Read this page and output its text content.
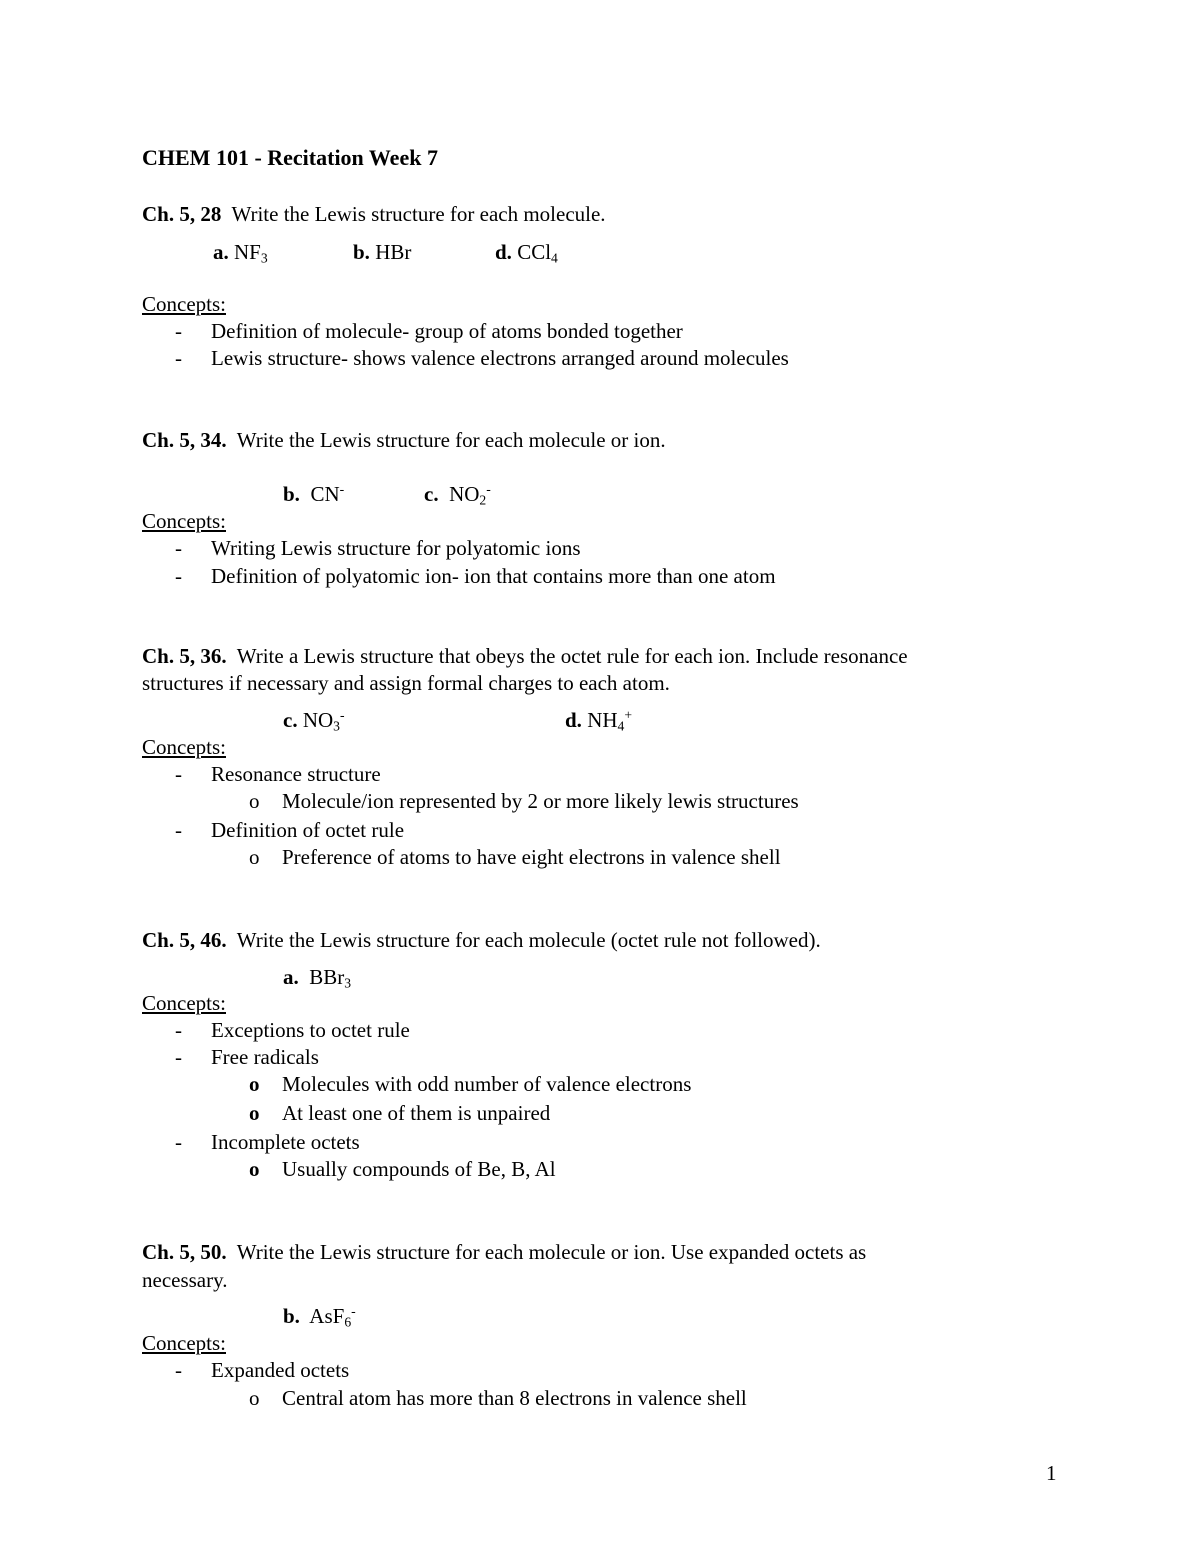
CHEM 101 - Recitation Week 7
Ch. 5, 28 Write the Lewis structure for each molecule.
a. $NF_3$	b. HBr	d. CCl$_4$
Concepts:
- Definition of molecule- group of atoms bonded together
- Lewis structure- shows valence electrons arranged around molecules
Ch. 5, 34. Write the Lewis structure for each molecule or ion.
b. CN-	c. $NO_2^-$
Concepts:
- Writing Lewis structure for polyatomic ions
- Definition of polyatomic ion- ion that contains more than one atom
Ch. 5, 36. Write a Lewis structure that obeys the octet rule for each ion. Include resonance
structures if necessary and assign formal charges to each atom.
c. $NO_3^-$	d. $NH_4^+$
Concepts:
- Resonance structure
o Molecule/ion represented by 2 or more likely lewis structures
- Definition of octet rule
o Preference of atoms to have eight electrons in valence shell
Ch. 5, 46. Write the Lewis structure for each molecule (octet rule not followed).
a. BBr$_3$
Concepts:
- Exceptions to octet rule
- Free radicals
o Molecules with odd number of valence electrons
o At least one of them is unpaired
- Incomplete octets
o Usually compounds of Be, B, Al
Ch. 5, 50. Write the Lewis structure for each molecule or ion. Use expanded octets as
necessary.
b. AsF$_6$-
Concepts:
- Expanded octets
o Central atom has more than 8 electrons in valence shell
1
